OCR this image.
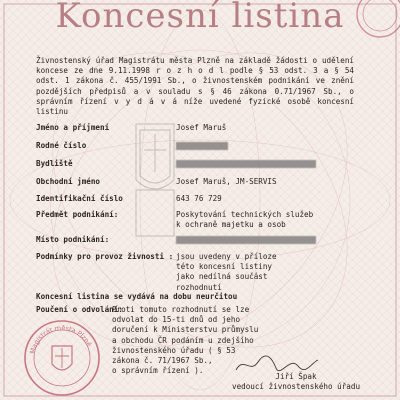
Koncesní listina
Živnostenský úřad Magistrátu města Plzně na základě žádosti o udělení koncese ze dne 9.11.1998 r o z h o d l podle § 53 odst. 3 a § 54 odst. 1 zákona č. 455/1991 Sb., o živnostenském podnikání ve znění pozdějších předpisů a v souladu s § 46 zákona 0.71/1967 Sb., o správním řízení v y d á v á níže uvedené fyzické osobě koncesní listinu
Jméno a příjmení	Josef Maruš
Rodné číslo
Bydliště
Obchodní jméno	Josef Maruš, JM-SERVIS
Identifikační číslo	643 76 729
Předmět podnikání:	Poskytování technických služeb
k ochraně majetku a osob
Místo podnikání:
Podmínky pro provoz živnosti : jsou uvedeny v příloze
této koncesní listiny
jako nedílná součást
rozhodnutí
Koncesní listina se vydává na dobu neurčitou
Poučení o odvolání:
Proti tomuto rozhodnutí se lze
odvolat do 15-ti dnů od jeho
doručení k Ministerstvu průmyslu
a obchodu ČR podáním u zdejšího
živnostenského úřadu ( § 53
zákona č. 71/1967 Sb.,
o správním řízení ).
Magistrát města Plzně
Jiří Špak
vedoucí živnostenského úřadu
